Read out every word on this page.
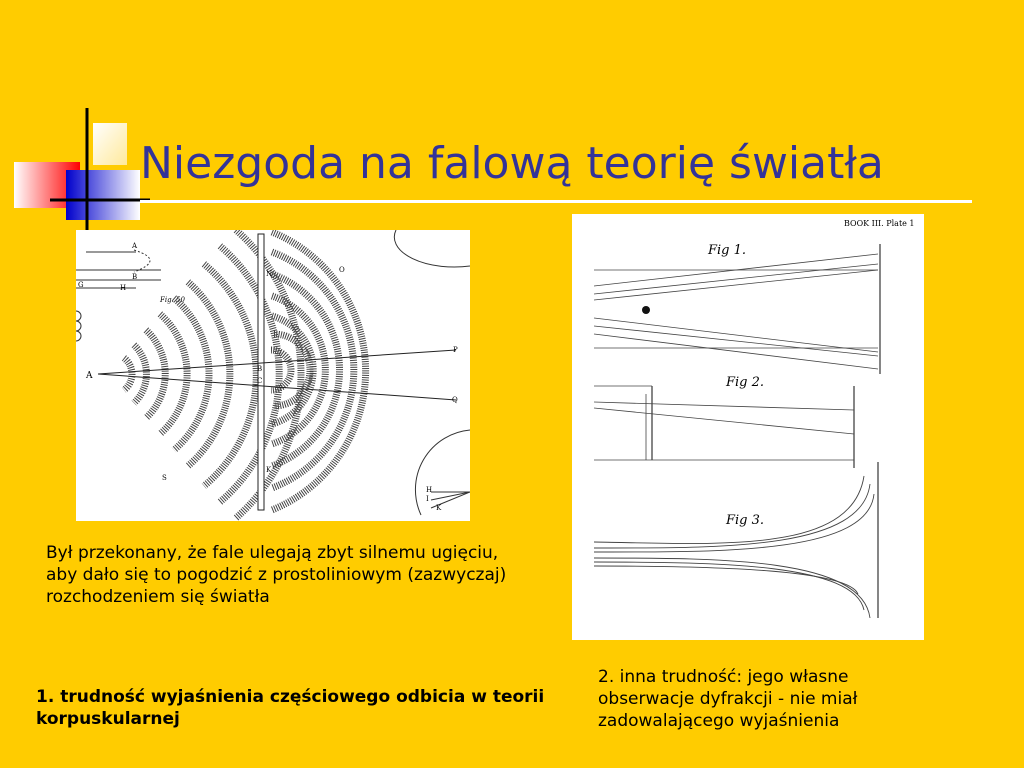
Niezgoda na falową teorię światła
A
B
G	H
Fig. 50
A
B
C
N	O
P
Q
K
S
H
I
K
BOOK III. Plate 1
Fig 1.
Fig 2.
Fig 3.
Był przekonany, że fale ulegają zbyt silnemu ugięciu, aby dało się to pogodzić z prostoliniowym (zazwyczaj) rozchodzeniem się światła
1. trudność wyjaśnienia częściowego odbicia w teorii korpuskularnej
2. inna trudność: jego własne obserwacje dyfrakcji - nie miał zadowalającego wyjaśnienia
